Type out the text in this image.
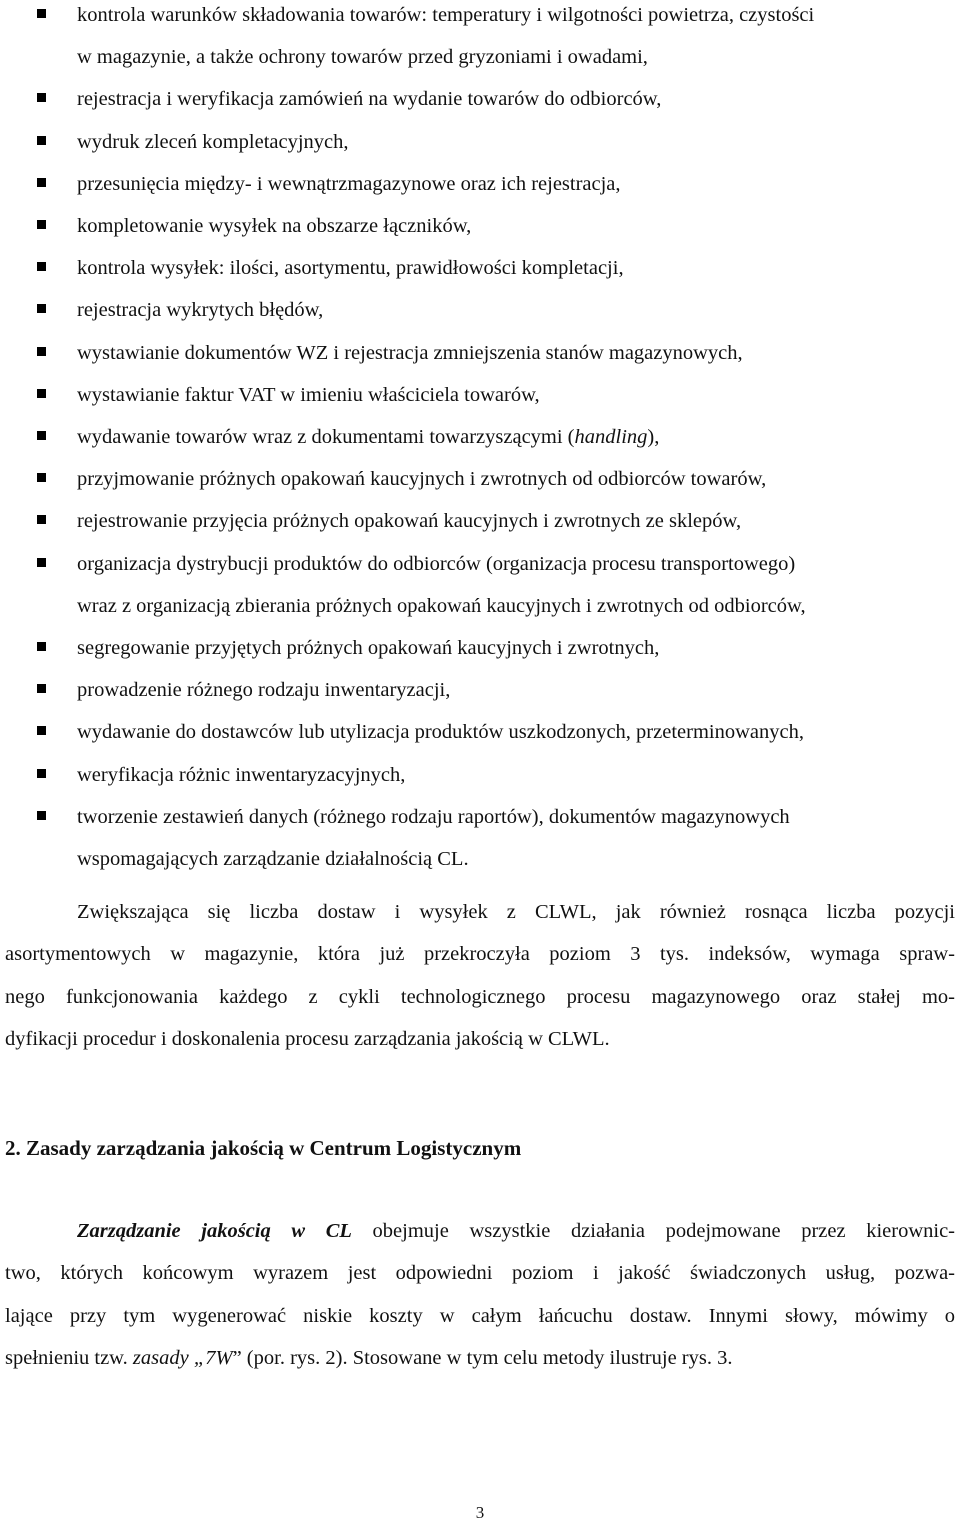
kontrola warunków składowania towarów: temperatury i wilgotności powietrza, czystości
w magazynie, a także ochrony towarów przed gryzoniami i owadami,
rejestracja i weryfikacja zamówień na wydanie towarów do odbiorców,
wydruk zleceń kompletacyjnych,
przesunięcia między- i wewnątrzmagazynowe oraz ich rejestracja,
kompletowanie wysyłek na obszarze łączników,
kontrola wysyłek: ilości, asortymentu, prawidłowości kompletacji,
rejestracja wykrytych błędów,
wystawianie dokumentów WZ i rejestracja zmniejszenia stanów magazynowych,
wystawianie faktur VAT w imieniu właściciela towarów,
wydawanie towarów wraz z dokumentami towarzyszącymi (handling),
przyjmowanie próżnych opakowań kaucyjnych i zwrotnych od odbiorców towarów,
rejestrowanie przyjęcia próżnych opakowań kaucyjnych i zwrotnych ze sklepów,
organizacja dystrybucji produktów do odbiorców (organizacja procesu transportowego)
wraz z organizacją zbierania próżnych opakowań kaucyjnych i zwrotnych od odbiorców,
segregowanie przyjętych próżnych opakowań kaucyjnych i zwrotnych,
prowadzenie różnego rodzaju inwentaryzacji,
wydawanie do dostawców lub utylizacja produktów uszkodzonych, przeterminowanych,
weryfikacja różnic inwentaryzacyjnych,
tworzenie zestawień danych (różnego rodzaju raportów), dokumentów magazynowych
wspomagających zarządzanie działalnością CL.
Zwiększająca się liczba dostaw i wysyłek z CLWL, jak również rosnąca liczba pozycji
asortymentowych w magazynie, która już przekroczyła poziom 3 tys. indeksów, wymaga spraw-
nego funkcjonowania każdego z cykli technologicznego procesu magazynowego oraz stałej mo-
dyfikacji procedur i doskonalenia procesu zarządzania jakością w CLWL.
2. Zasady zarządzania jakością w Centrum Logistycznym
Zarządzanie jakością w CL obejmuje wszystkie działania podejmowane przez kierownic-
two, których końcowym wyrazem jest odpowiedni poziom i jakość świadczonych usług, pozwa-
lające przy tym wygenerować niskie koszty w całym łańcuchu dostaw. Innymi słowy, mówimy o
spełnieniu tzw. zasady „7W” (por. rys. 2). Stosowane w tym celu metody ilustruje rys. 3.
3
